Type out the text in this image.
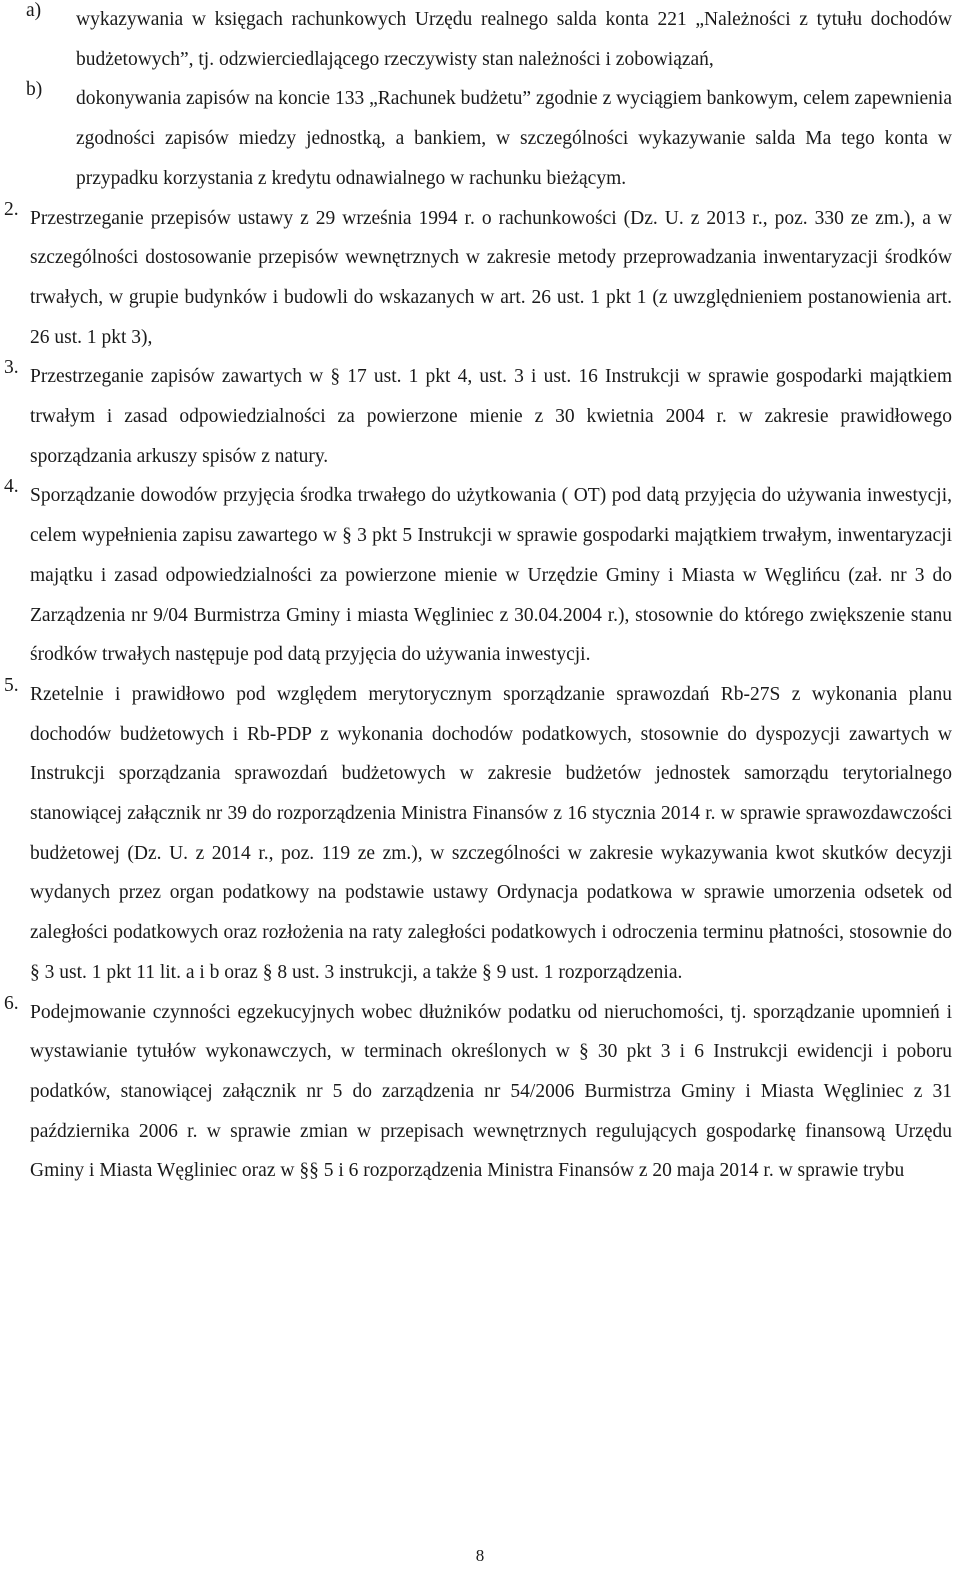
a) wykazywania w księgach rachunkowych Urzędu realnego salda konta 221 „Należności z tytułu dochodów budżetowych”, tj. odzwierciedlającego rzeczywisty stan należności i zobowiązań,
b) dokonywania zapisów na koncie 133 „Rachunek budżetu” zgodnie z wyciągiem bankowym, celem zapewnienia zgodności zapisów miedzy jednostką, a bankiem, w szczególności wykazywanie salda Ma tego konta w przypadku korzystania z kredytu odnawialnego w rachunku bieżącym.
2. Przestrzeganie przepisów ustawy z 29 września 1994 r. o rachunkowości (Dz. U. z 2013 r., poz. 330 ze zm.), a w szczególności dostosowanie przepisów wewnętrznych w zakresie metody przeprowadzania inwentaryzacji środków trwałych, w grupie budynków i budowli do wskazanych w art. 26 ust. 1 pkt 1 (z uwzględnieniem postanowienia art. 26 ust. 1 pkt 3),
3. Przestrzeganie zapisów zawartych w § 17 ust. 1 pkt 4, ust. 3 i ust. 16 Instrukcji w sprawie gospodarki majątkiem trwałym i zasad odpowiedzialności za powierzone mienie z 30 kwietnia 2004 r. w zakresie prawidłowego sporządzania arkuszy spisów z natury.
4. Sporządzanie dowodów przyjęcia środka trwałego do użytkowania ( OT) pod datą przyjęcia do używania inwestycji, celem wypełnienia zapisu zawartego w § 3 pkt 5 Instrukcji w sprawie gospodarki majątkiem trwałym, inwentaryzacji majątku i zasad odpowiedzialności za powierzone mienie w Urzędzie Gminy i Miasta w Węglińcu (zał. nr 3 do Zarządzenia nr 9/04 Burmistrza Gminy i miasta Węgliniec z 30.04.2004 r.), stosownie do którego zwiększenie stanu środków trwałych następuje pod datą przyjęcia do używania inwestycji.
5. Rzetelnie i prawidłowo pod względem merytorycznym sporządzanie sprawozdań Rb-27S z wykonania planu dochodów budżetowych i Rb-PDP z wykonania dochodów podatkowych, stosownie do dyspozycji zawartych w Instrukcji sporządzania sprawozdań budżetowych w zakresie budżetów jednostek samorządu terytorialnego stanowiącej załącznik nr 39 do rozporządzenia Ministra Finansów z 16 stycznia 2014 r. w sprawie sprawozdawczości budżetowej (Dz. U. z 2014 r., poz. 119 ze zm.), w szczególności w zakresie wykazywania kwot skutków decyzji wydanych przez organ podatkowy na podstawie ustawy Ordynacja podatkowa w sprawie umorzenia odsetek od zaległości podatkowych oraz rozłożenia na raty zaległości podatkowych i odroczenia terminu płatności, stosownie do § 3 ust. 1 pkt 11 lit. a i b oraz § 8 ust. 3 instrukcji, a także § 9 ust. 1 rozporządzenia.
6. Podejmowanie czynności egzekucyjnych wobec dłużników podatku od nieruchomości, tj. sporządzanie upomnień i wystawianie tytułów wykonawczych, w terminach określonych w § 30 pkt 3 i 6 Instrukcji ewidencji i poboru podatków, stanowiącej załącznik nr 5 do zarządzenia nr 54/2006 Burmistrza Gminy i Miasta Węgliniec z 31 października 2006 r. w sprawie zmian w przepisach wewnętrznych regulujących gospodarkę finansową Urzędu Gminy i Miasta Węgliniec oraz w §§ 5 i 6 rozporządzenia Ministra Finansów z 20 maja 2014 r. w sprawie trybu
8
